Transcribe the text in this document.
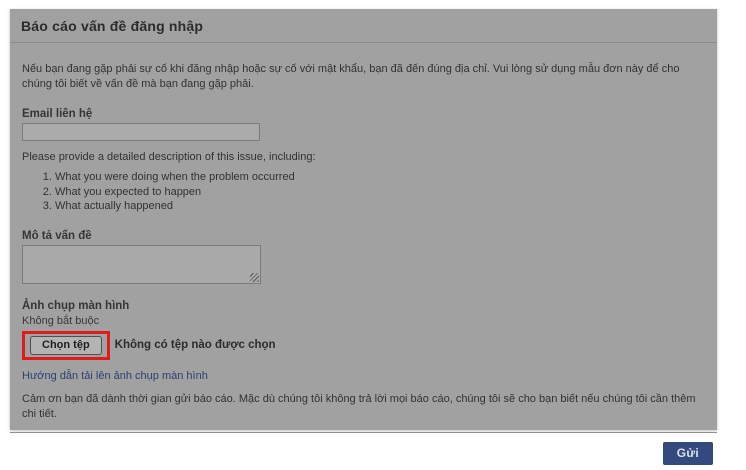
Báo cáo vấn đề đăng nhập

Nếu bạn đang gặp phải sự cố khi đăng nhập hoặc sự cố với mật khẩu, bạn đã đến đúng địa chỉ. Vui lòng sử dụng mẫu đơn này để cho chúng tôi biết về vấn đề mà bạn đang gặp phải.

Email liên hệ
Please provide a detailed description of this issue, including:
1. What you were doing when the problem occurred
2. What you expected to happen
3. What actually happened
Mô tả vấn đề
Ảnh chụp màn hình
Không bắt buộc
Chọn tệp	Không có tệp nào được chọn
Hướng dẫn tải lên ảnh chụp màn hình

Cảm ơn bạn đã dành thời gian gửi báo cáo. Mặc dù chúng tôi không trả lời mọi báo cáo, chúng tôi sẽ cho bạn biết nếu chúng tôi cần thêm chi tiết.

Gửi
